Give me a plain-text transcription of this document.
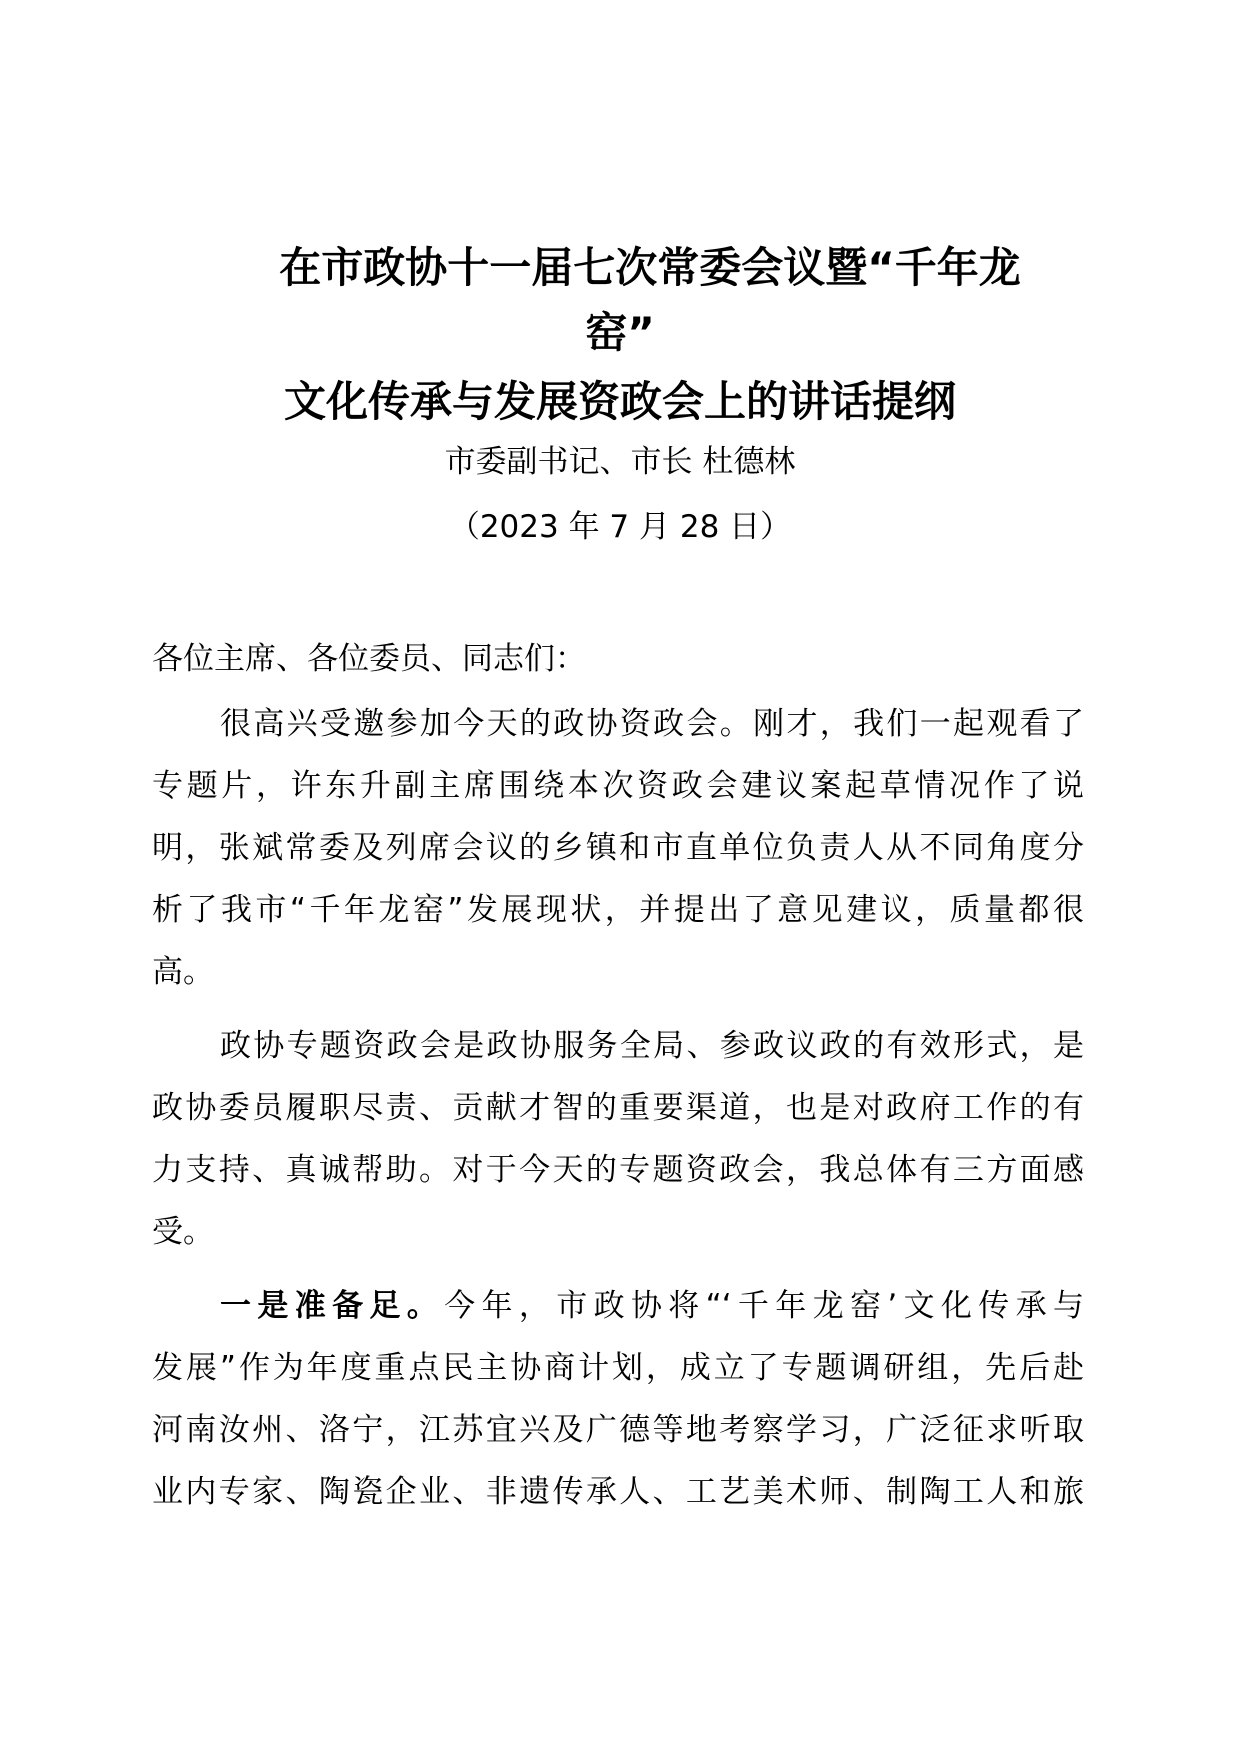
在市政协十一届七次常委会议暨“千年龙
窑”
文化传承与发展资政会上的讲话提纲
市委副书记、市长 杜德林
（2023 年 7 月 28 日）
各位主席、各位委员、同志们：
很高兴受邀参加今天的政协资政会。刚才，我们一起观看了
专题片，许东升副主席围绕本次资政会建议案起草情况作了说
明，张斌常委及列席会议的乡镇和市直单位负责人从不同角度分
析了我市“千年龙窑”发展现状，并提出了意见建议，质量都很
高。
政协专题资政会是政协服务全局、参政议政的有效形式，是
政协委员履职尽责、贡献才智的重要渠道，也是对政府工作的有
力支持、真诚帮助。对于今天的专题资政会，我总体有三方面感
受。
一是准备足。今年，市政协将“‘千年龙窑’文化传承与
发展”作为年度重点民主协商计划，成立了专题调研组，先后赴
河南汝州、洛宁，江苏宜兴及广德等地考察学习，广泛征求听取
业内专家、陶瓷企业、非遗传承人、工艺美术师、制陶工人和旅
